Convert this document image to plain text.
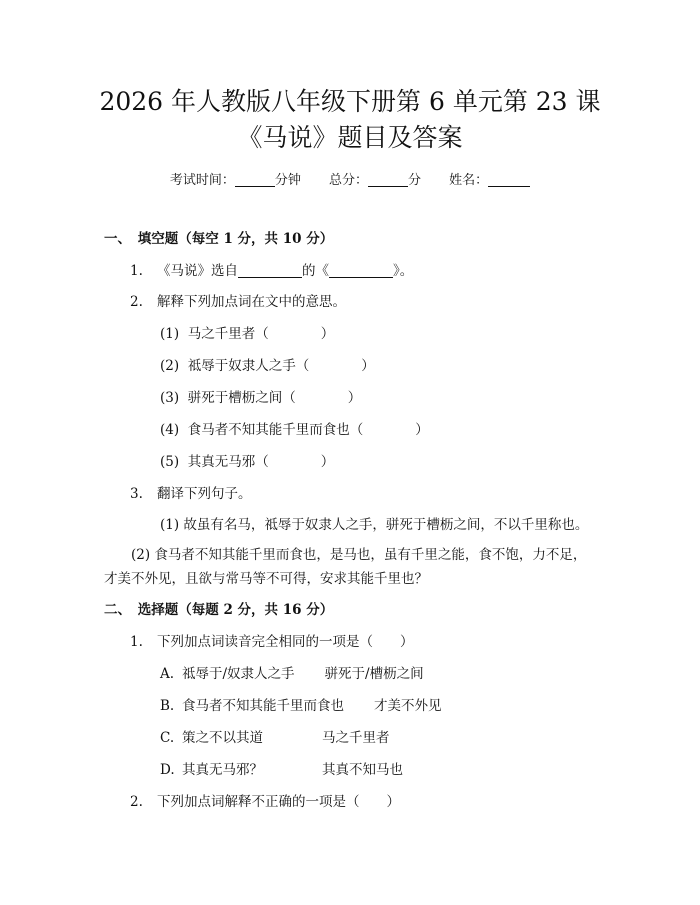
2026 年人教版八年级下册第 6 单元第 23 课
《马说》题目及答案
考试时间：	分钟 总分：	分 姓名：
一、　填空题（每空 1 分，共 10 分）
1. 《马说》选自	的《	》。
2. 解释下列加点词在文中的意思。
(1) 马之千里者（	）
(2) 祗辱于奴隶人之手（	）
(3) 骈死于槽枥之间（	）
(4) 食马者不知其能千里而食也（	）
(5) 其真无马邪（	）
3. 翻译下列句子。
(1) 故虽有名马，祗辱于奴隶人之手，骈死于槽枥之间，不以千里称也。
(2) 食马者不知其能千里而食也，是马也，虽有千里之能，食不饱，力不足，才美不外见，且欲与常马等不可得，安求其能千里也？
二、　选择题（每题 2 分，共 16 分）
1. 下列加点词读音完全相同的一项是（　　）
A. 祗辱于/奴隶人之手 骈死于/槽枥之间
B. 食马者不知其能千里而食也 才美不外见
C. 策之不以其道	马之千里者
D. 其真无马邪？	其真不知马也
2. 下列加点词解释不正确的一项是（　　）
